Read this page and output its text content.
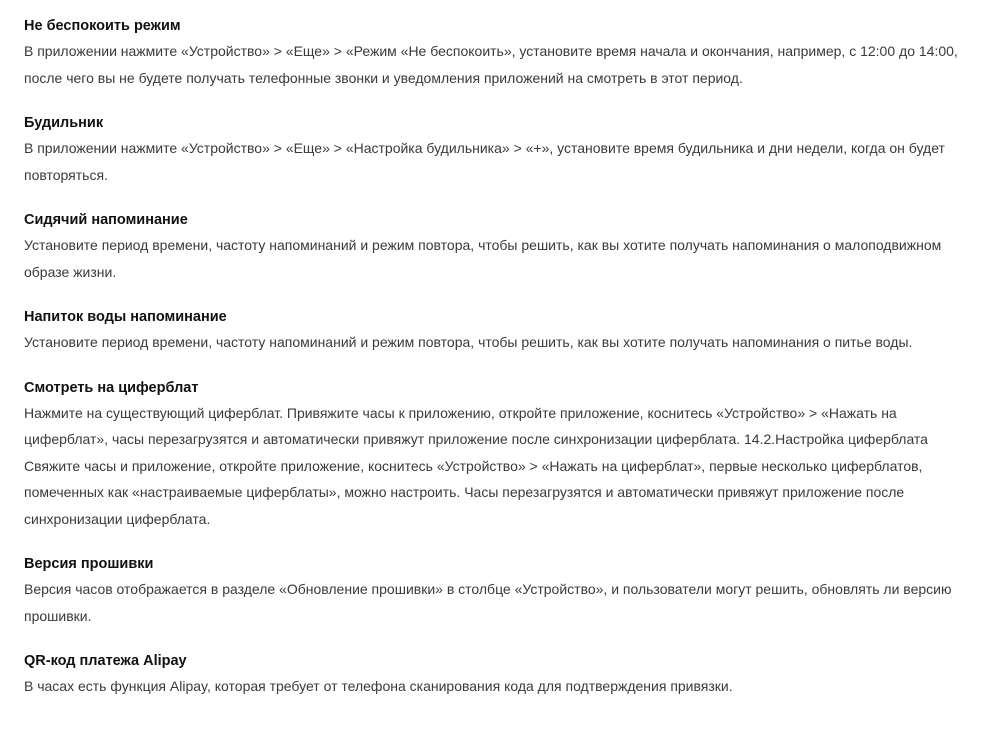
Не беспокоить режим

В приложении нажмите «Устройство» > «Еще» > «Режим «Не беспокоить», установите время начала и окончания, например, с 12:00 до 14:00, после чего вы не будете получать телефонные звонки и уведомления приложений на смотреть в этот период.

Будильник

В приложении нажмите «Устройство» > «Еще» > «Настройка будильника» > «+», установите время будильника и дни недели, когда он будет повторяться.

Сидячий напоминание

Установите период времени, частоту напоминаний и режим повтора, чтобы решить, как вы хотите получать напоминания о малоподвижном образе жизни.

Напиток воды напоминание

Установите период времени, частоту напоминаний и режим повтора, чтобы решить, как вы хотите получать напоминания о питье воды.

Смотреть на циферблат

Нажмите на существующий циферблат. Привяжите часы к приложению, откройте приложение, коснитесь «Устройство» > «Нажать на циферблат», часы перезагрузятся и автоматически привяжут приложение после синхронизации циферблата. 14.2.Настройка циферблата Свяжите часы и приложение, откройте приложение, коснитесь «Устройство» > «Нажать на циферблат», первые несколько циферблатов, помеченных как «настраиваемые циферблаты», можно настроить. Часы перезагрузятся и автоматически привяжут приложение после синхронизации циферблата.

Версия прошивки

Версия часов отображается в разделе «Обновление прошивки» в столбце «Устройство», и пользователи могут решить, обновлять ли версию прошивки.

QR-код платежа Alipay

В часах есть функция Alipay, которая требует от телефона сканирования кода для подтверждения привязки.
